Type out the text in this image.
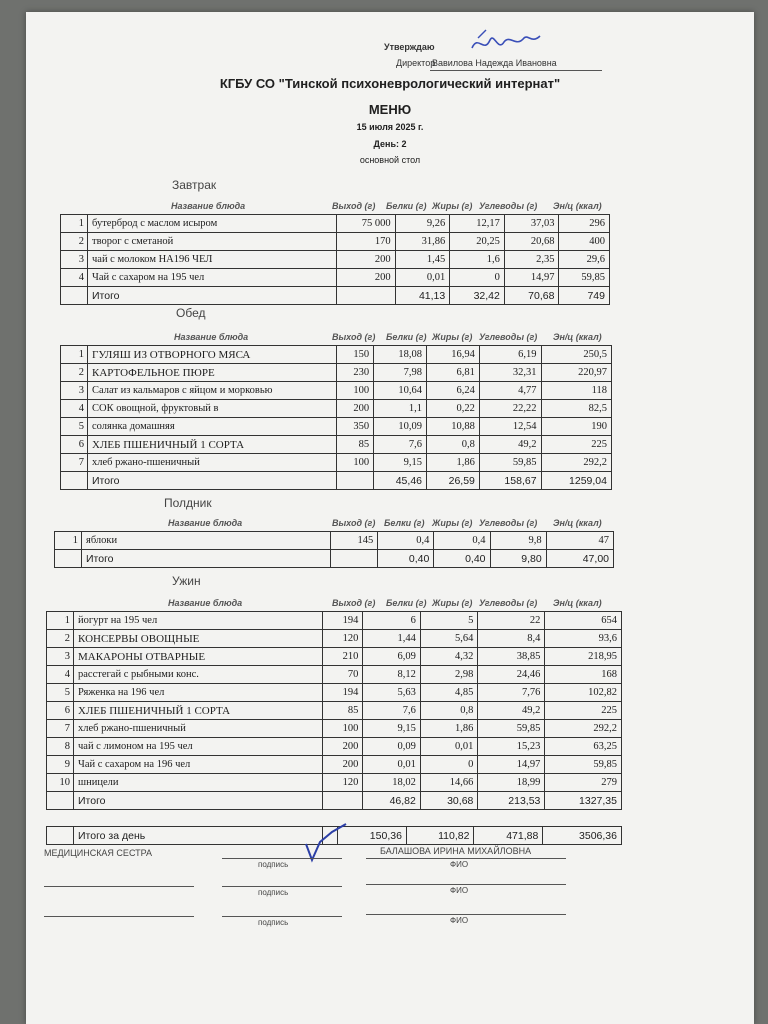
Утверждаю
Директор
Вавилова Надежда Ивановна
КГБУ СО "Тинской психоневрологический интернат"
МЕНЮ
15 июля 2025 г.
День: 2
основной стол
Завтрак
Название блюда	Выход (г) Белки (г) Жиры (г) Углеводы (г) Эн/ц (ккал)
1	бутерброд с маслом исыром	75 000	9,26	12,17	37,03	296
2	творог с сметаной	170	31,86	20,25	20,68	400
3	чай с молоком НА196 ЧЕЛ	200	1,45	1,6	2,35	29,6
4	Чай с сахаром на 195 чел	200	0,01	0	14,97	59,85
	Итого		41,13	32,42	70,68	749
Обед
Название блюда	Выход (г) Белки (г) Жиры (г) Углеводы (г) Эн/ц (ккал)
1	ГУЛЯШ ИЗ ОТВОРНОГО МЯСА	150	18,08	16,94	6,19	250,5
2	КАРТОФЕЛЬНОЕ ПЮРЕ	230	7,98	6,81	32,31	220,97
3	Салат из кальмаров с яйцом и морковью	100	10,64	6,24	4,77	118
4	СОК овощной, фруктовый в	200	1,1	0,22	22,22	82,5
5	солянка домашняя	350	10,09	10,88	12,54	190
6	ХЛЕБ ПШЕНИЧНЫЙ 1 СОРТА	85	7,6	0,8	49,2	225
7	хлеб ржано-пшеничный	100	9,15	1,86	59,85	292,2
	Итого		45,46	26,59	158,67	1259,04
Полдник
Название блюда	Выход (г) Белки (г) Жиры (г) Углеводы (г) Эн/ц (ккал)
1	яблоки	145	0,4	0,4	9,8	47
	Итого		0,40	0,40	9,80	47,00
Ужин
Название блюда	Выход (г) Белки (г) Жиры (г) Углеводы (г) Эн/ц (ккал)
1	йогурт на 195 чел	194	6	5	22	654
2	КОНСЕРВЫ ОВОЩНЫЕ	120	1,44	5,64	8,4	93,6
3	МАКАРОНЫ ОТВАРНЫЕ	210	6,09	4,32	38,85	218,95
4	расстегай с рыбными конс.	70	8,12	2,98	24,46	168
5	Ряженка на 196 чел	194	5,63	4,85	7,76	102,82
6	ХЛЕБ ПШЕНИЧНЫЙ 1 СОРТА	85	7,6	0,8	49,2	225
7	хлеб ржано-пшеничный	100	9,15	1,86	59,85	292,2
8	чай с лимоном на 195 чел	200	0,09	0,01	15,23	63,25
9	Чай с сахаром на 196 чел	200	0,01	0	14,97	59,85
10	шницели	120	18,02	14,66	18,99	279
	Итого		46,82	30,68	213,53	1327,35
	Итого за день		150,36	110,82	471,88	3506,36
МЕДИЦИНСКАЯ СЕСТРА	БАЛАШОВА ИРИНА МИХАЙЛОВНА
подпись	ФИО
подпись	ФИО
подпись	ФИО
